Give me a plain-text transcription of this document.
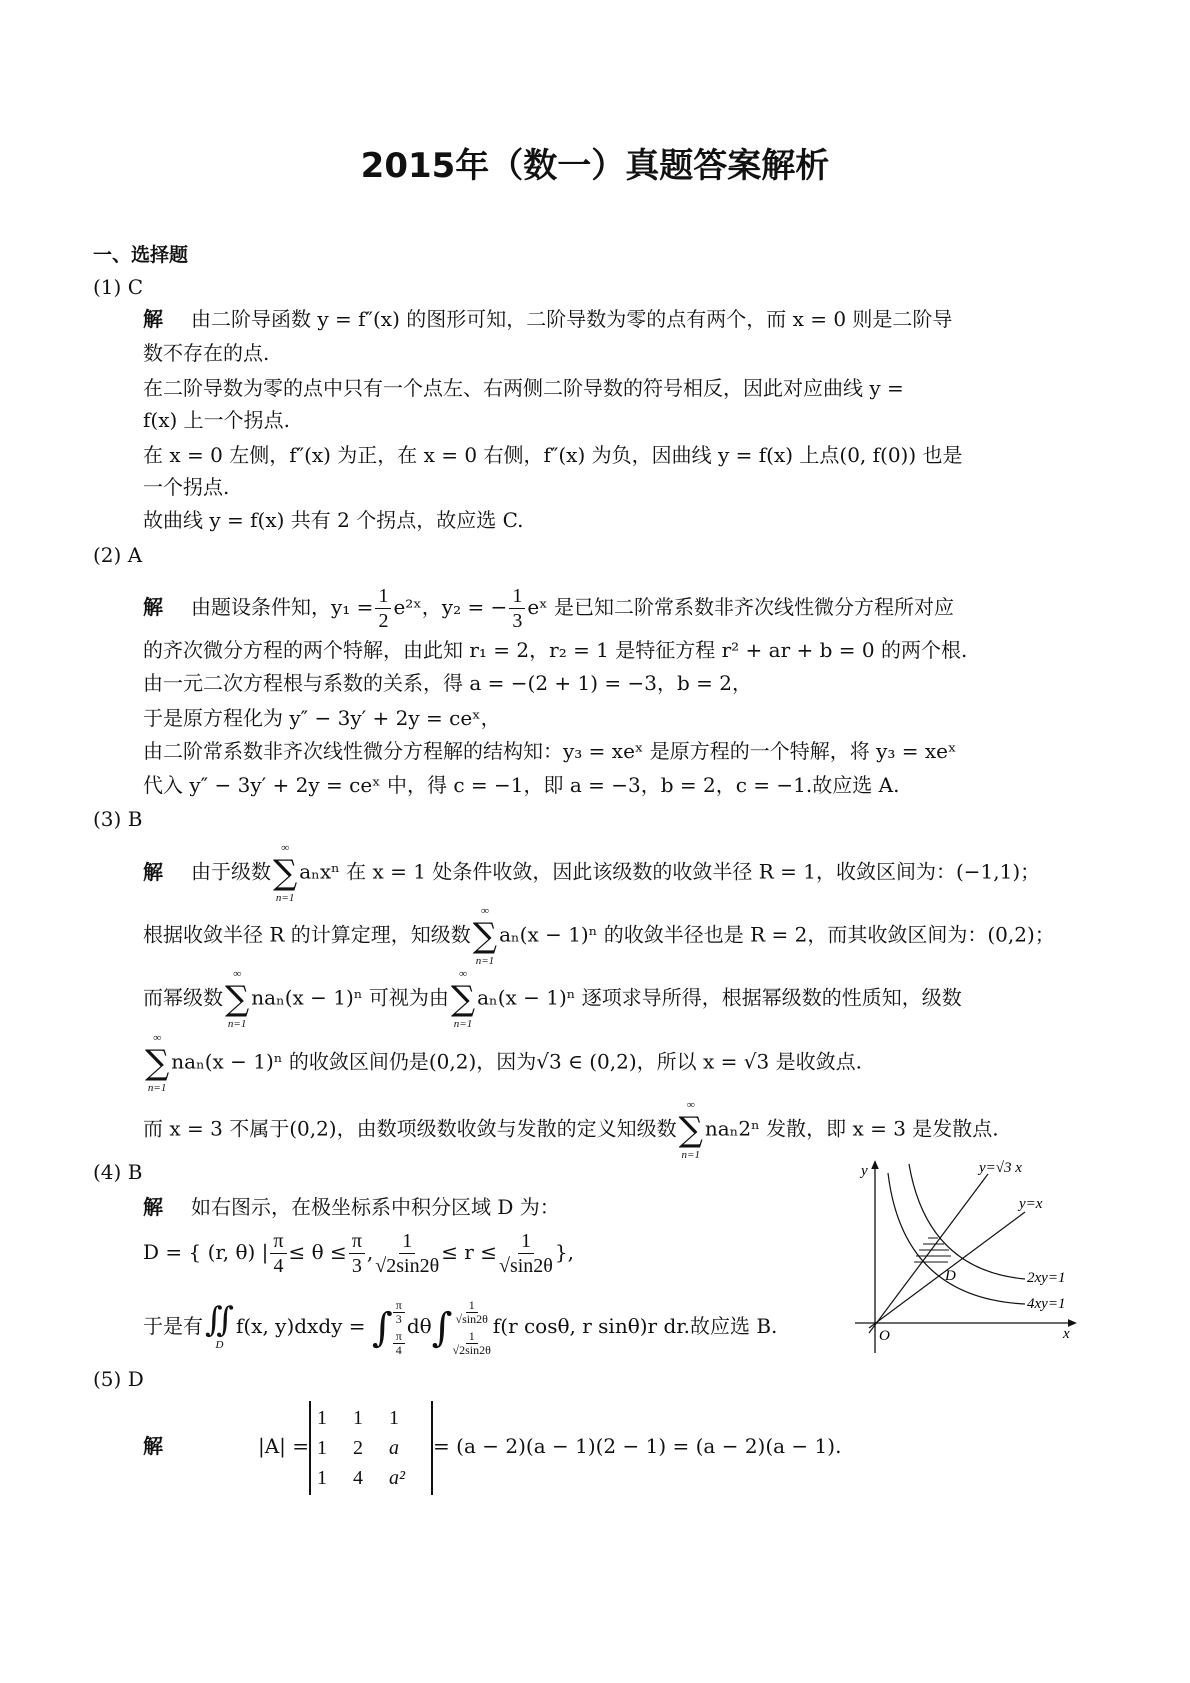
2015年（数一）真题答案解析
一、选择题
(1) C
解 由二阶导函数 y = f″(x) 的图形可知，二阶导数为零的点有两个，而 x = 0 则是二阶导
数不存在的点.
在二阶导数为零的点中只有一个点左、右两侧二阶导数的符号相反，因此对应曲线 y =
f(x) 上一个拐点.
在 x = 0 左侧，f″(x) 为正，在 x = 0 右侧，f″(x) 为负，因曲线 y = f(x) 上点(0, f(0)) 也是
一个拐点.
故曲线 y = f(x) 共有 2 个拐点，故应选 C.
(2) A
解 由题设条件知，$y_1 = \frac{1}{2}$ e²ˣ，y₂ = − $\frac{1}{3}$ eˣ 是已知二阶常系数非齐次线性微分方程所对应
的齐次微分方程的两个特解，由此知 r₁ = 2，r₂ = 1 是特征方程 r² + ar + b = 0 的两个根.
由一元二次方程根与系数的关系，得 a = −(2 + 1) = −3，b = 2，
于是原方程化为 y″ − 3y′ + 2y = ceˣ，
由二阶常系数非齐次线性微分方程解的结构知：y₃ = xeˣ 是原方程的一个特解，将 y₃ = xeˣ
代入 y″ − 3y′ + 2y = ceˣ 中，得 c = −1，即 a = −3，b = 2，c = −1.故应选 A.
(3) B
解 由于级数
∞
∑
n=1
aₙxⁿ 在 x = 1 处条件收敛，因此该级数的收敛半径 R = 1，收敛区间为：(−1,1)；
根据收敛半径 R 的计算定理，知级数
∞
∑
n=1
aₙ(x − 1)ⁿ 的收敛半径也是 R = 2，而其收敛区间为：(0,2)；
而幂级数
∞
∑
n=1
naₙ(x − 1)ⁿ 可视为由
∞
∑
n=1
aₙ(x − 1)ⁿ 逐项求导所得，根据幂级数的性质知，级数
∞
∑
n=1
naₙ(x − 1)ⁿ 的收敛区间仍是(0,2)，因为√3 ∈ (0,2)，所以 x = √3 是收敛点.
而 x = 3 不属于(0,2)，由数项级数收敛与发散的定义知级数
∞
∑
n=1
naₙ2ⁿ 发散，即 x = 3 是发散点.
(4) B
解 如右图示，在极坐标系中积分区域 D 为：
D = { (r, θ) | $\frac{\pi}{4} \le \theta \le \frac{\pi}{3}$ , $\frac{1}{√2\sin 2\theta} \le r \le \frac{1}{√\sin 2\theta}$ },
于是有 ∬
D
f(x, y)dxdy = ∫ $\frac{\pi}{3}$
$\frac{\pi}{4}$
dθ ∫ $\frac{1}{√\sin 2\theta}$
$\frac{1}{√2\sin 2\theta}$
f(r cosθ, r sinθ)r dr.故应选 B.
y
x
O
D
y=√3 x
y=x
2xy=1
4xy=1
(5) D
解	|A| =
1	1	1
1	2	a
1	4	a²
= (a − 2)(a − 1)(2 − 1) = (a − 2)(a − 1).
